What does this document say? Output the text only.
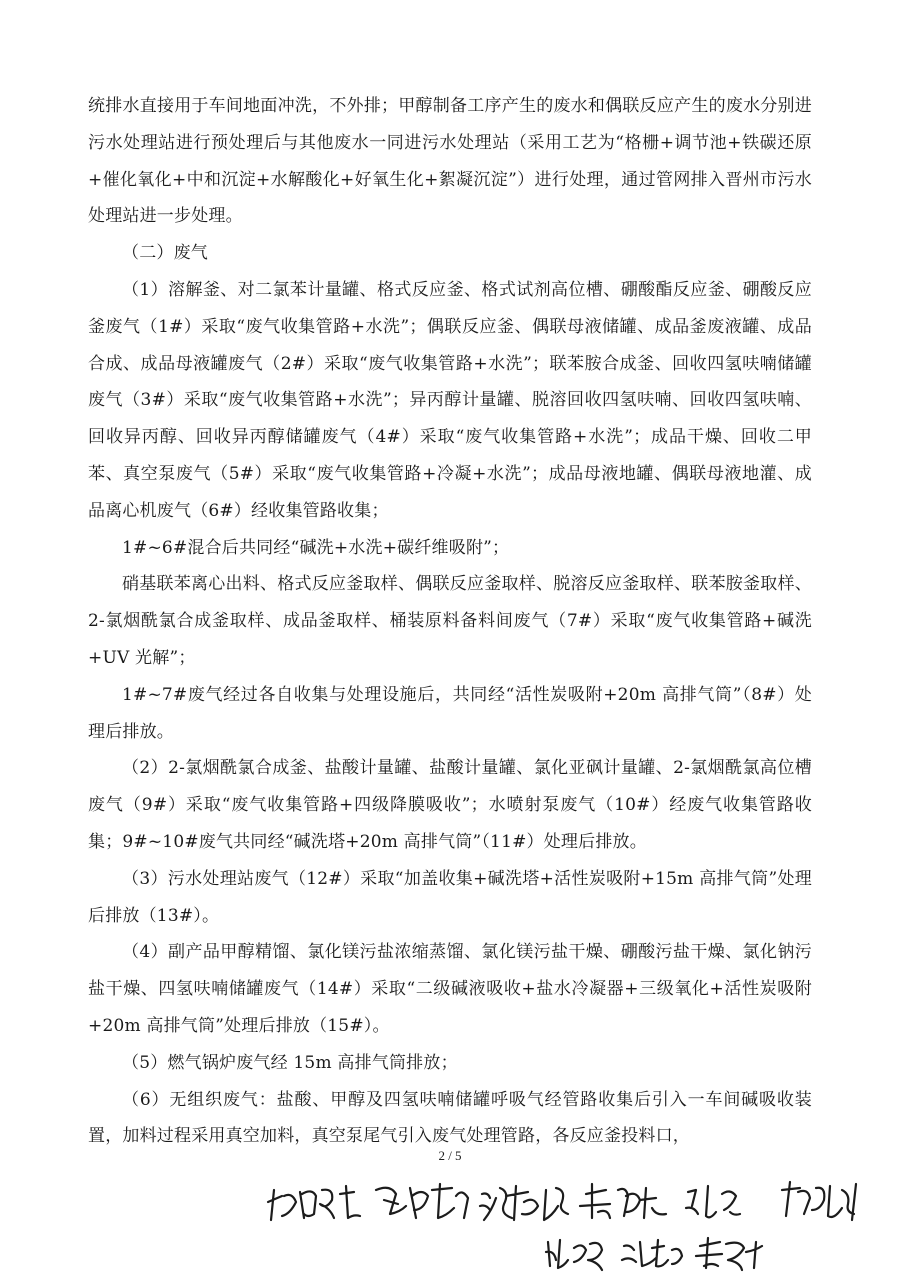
统排水直接用于车间地面冲洗，不外排；甲醇制备工序产生的废水和偶联反应产生的废水分别进污水处理站进行预处理后与其他废水一同进污水处理站（采用工艺为“格栅+调节池+铁碳还原+催化氧化+中和沉淀+水解酸化+好氧生化+絮凝沉淀”）进行处理，通过管网排入晋州市污水处理站进一步处理。

（二）废气

（1）溶解釜、对二氯苯计量罐、格式反应釜、格式试剂高位槽、硼酸酯反应釜、硼酸反应釜废气（1#）采取“废气收集管路+水洗”；偶联反应釜、偶联母液储罐、成品釜废液罐、成品合成、成品母液罐废气（2#）采取“废气收集管路+水洗”；联苯胺合成釜、回收四氢呋喃储罐废气（3#）采取“废气收集管路+水洗”；异丙醇计量罐、脱溶回收四氢呋喃、回收四氢呋喃、回收异丙醇、回收异丙醇储罐废气（4#）采取“废气收集管路+水洗”；成品干燥、回收二甲苯、真空泵废气（5#）采取“废气收集管路+冷凝+水洗”；成品母液地罐、偶联母液地灌、成品离心机废气（6#）经收集管路收集；

1#~6#混合后共同经“碱洗+水洗+碳纤维吸附”；

硝基联苯离心出料、格式反应釜取样、偶联反应釜取样、脱溶反应釜取样、联苯胺釜取样、2-氯烟酰氯合成釜取样、成品釜取样、桶装原料备料间废气（7#）采取“废气收集管路+碱洗+UV 光解”；

1#~7#废气经过各自收集与处理设施后，共同经“活性炭吸附+20m 高排气筒”（8#）处理后排放。

（2）2-氯烟酰氯合成釜、盐酸计量罐、盐酸计量罐、氯化亚砜计量罐、2-氯烟酰氯高位槽废气（9#）采取“废气收集管路+四级降膜吸收”；水喷射泵废气（10#）经废气收集管路收集；9#~10#废气共同经“碱洗塔+20m 高排气筒”（11#）处理后排放。

（3）污水处理站废气（12#）采取“加盖收集+碱洗塔+活性炭吸附+15m 高排气筒”处理后排放（13#）。

（4）副产品甲醇精馏、氯化镁污盐浓缩蒸馏、氯化镁污盐干燥、硼酸污盐干燥、氯化钠污盐干燥、四氢呋喃储罐废气（14#）采取“二级碱液吸收+盐水冷凝器+三级氧化+活性炭吸附+20m 高排气筒”处理后排放（15#）。

（5）燃气锅炉废气经 15m 高排气筒排放；

（6）无组织废气：盐酸、甲醇及四氢呋喃储罐呼吸气经管路收集后引入一车间碱吸收装置，加料过程采用真空加料，真空泵尾气引入废气处理管路，各反应釜投料口，

2 / 5
